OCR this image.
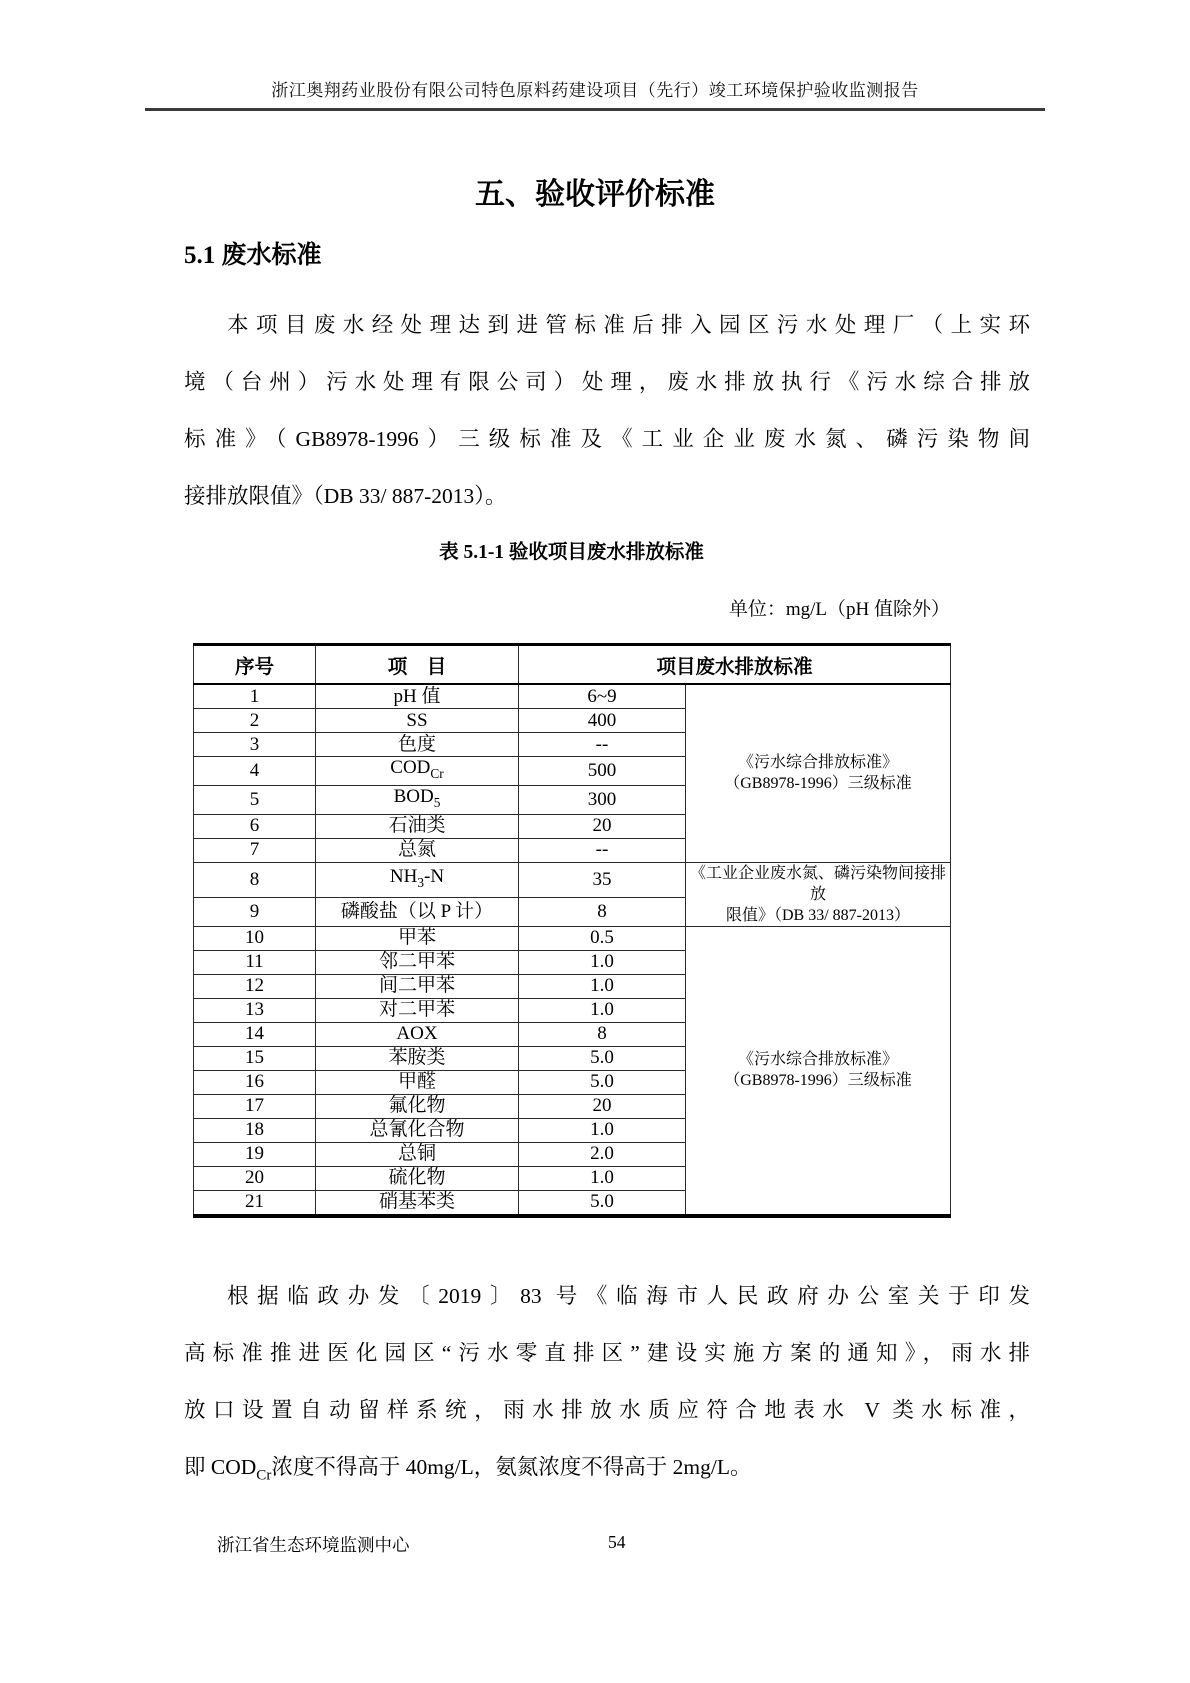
浙江奥翔药业股份有限公司特色原料药建设项目（先行）竣工环境保护验收监测报告
五、验收评价标准
5.1 废水标准
本项目废水经处理达到进管标准后排入园区污水处理厂（上实环
境（台州）污水处理有限公司）处理，废水排放执行《污水综合排放
标准》（GB8978-1996）三级标准及《工业企业废水氮、磷污染物间
接排放限值》（DB 33/ 887-2013）。
表 5.1-1 验收项目废水排放标准
单位：mg/L（pH 值除外）
序号	项　目	项目废水排放标准	
1	pH 值	6~9	《污水综合排放标准》
（GB8978-1996）三级标准
2	SS	400	
3	色度	--	
4	$COD_{Cr}$	500	
5	$BOD_5$	300	
6	石油类	20	
7	总氮	--	
8	$NH_3-N$	35	《工业企业废水氮、磷污染物间接排放
限值》（DB 33/ 887-2013）
9	磷酸盐（以 P 计）	8	
10	甲苯	0.5	《污水综合排放标准》
（GB8978-1996）三级标准
11	邻二甲苯	1.0	
12	间二甲苯	1.0	
13	对二甲苯	1.0	
14	AOX	8	
15	苯胺类	5.0	
16	甲醛	5.0	
17	氟化物	20	
18	总氰化合物	1.0	
19	总铜	2.0	
20	硫化物	1.0	
21	硝基苯类	5.0	
根据临政办发〔2019〕83 号《临海市人民政府办公室关于印发
高标准推进医化园区“污水零直排区”建设实施方案的通知》，雨水排
放口设置自动留样系统，雨水排放水质应符合地表水 V 类水标准，
即 $COD_{Cr}$浓度不得高于 40mg/L，氨氮浓度不得高于 2mg/L。
浙江省生态环境监测中心	54
